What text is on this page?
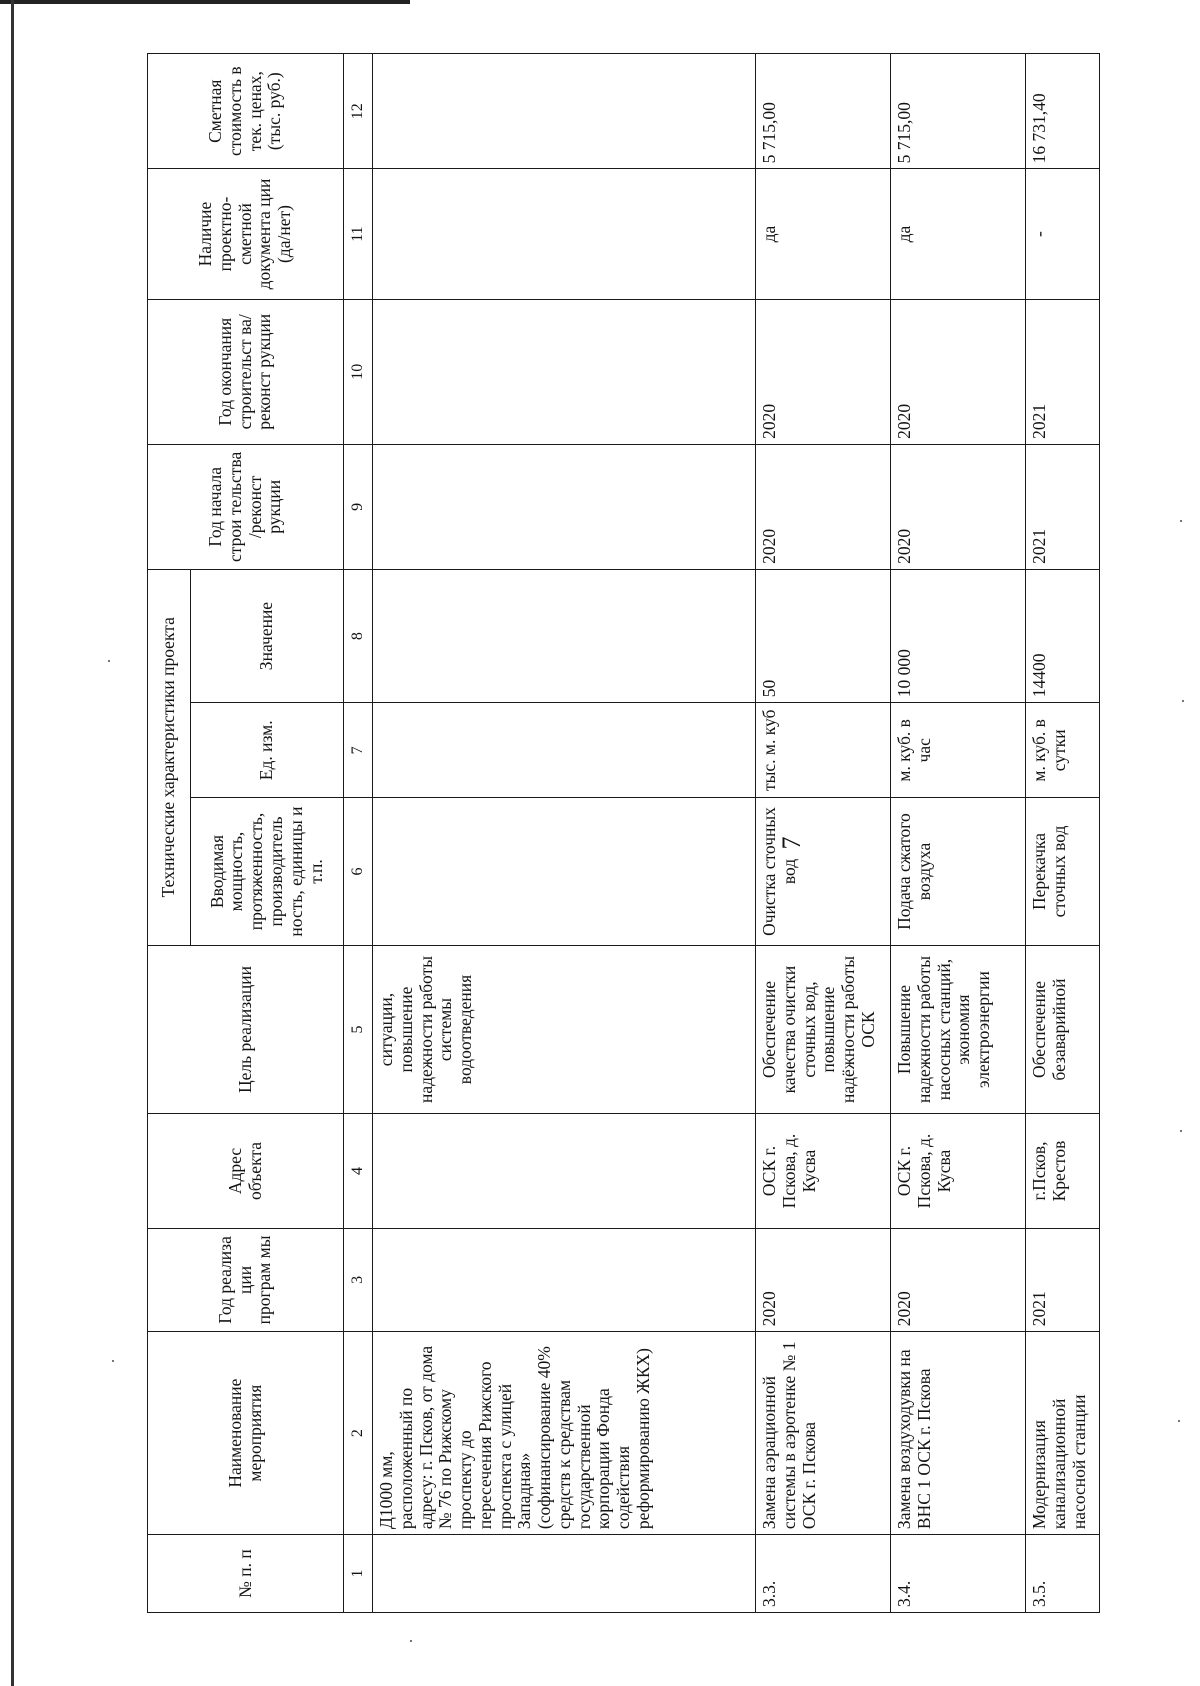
7
№ п. п	Наименование мероприятия	Год реализа ции програм мы	Адрес объекта	Цель реализации	Технические характеристики проекта			Год начала строи тельства /реконст рукции	Год окончания строительст ва/реконст рукции	Наличие проектно- сметной документа ции (да/нет)	Сметная стоимость в тек. ценах, (тыс. руб.)
					Вводимая мощность, протяженность, производитель ность, единицы и т.п.	Ед. изм.	Значение				
1	2	3	4	5	6	7	8	9	10	11	12
	Д1000 мм, расположенный по адресу: г. Псков, от дома № 76 по Рижскому проспекту до пересечения Рижского проспекта с улицей Западная» (софинансирование 40% средств к средствам государственной корпорации Фонда содействия реформированию ЖКХ)			ситуации, повышение надежности работы системы водоотведения							
3.3.	Замена аэрационной системы в аэротенке № 1 ОСК г. Пскова	2020	ОСК г. Пскова, д. Кусва	Обеспечение качества очистки сточных вод, повышение надёжности работы ОСК	Очистка сточных вод	тыс. м. куб	50	2020	2020	да	5 715,00
3.4.	Замена воздуходувки на ВНС 1 ОСК г. Пскова	2020	ОСК г. Пскова, д. Кусва	Повышение надежности работы насосных станций, экономия электроэнергии	Подача сжатого воздуха	м. куб. в час	10 000	2020	2020	да	5 715,00
3.5.	Модернизация канализационной насосной станции	2021	г.Псков, Крестов	Обеспечение безаварийной	Перекачка сточных вод	м. куб. в сутки	14400	2021	2021	-	16 731,40
